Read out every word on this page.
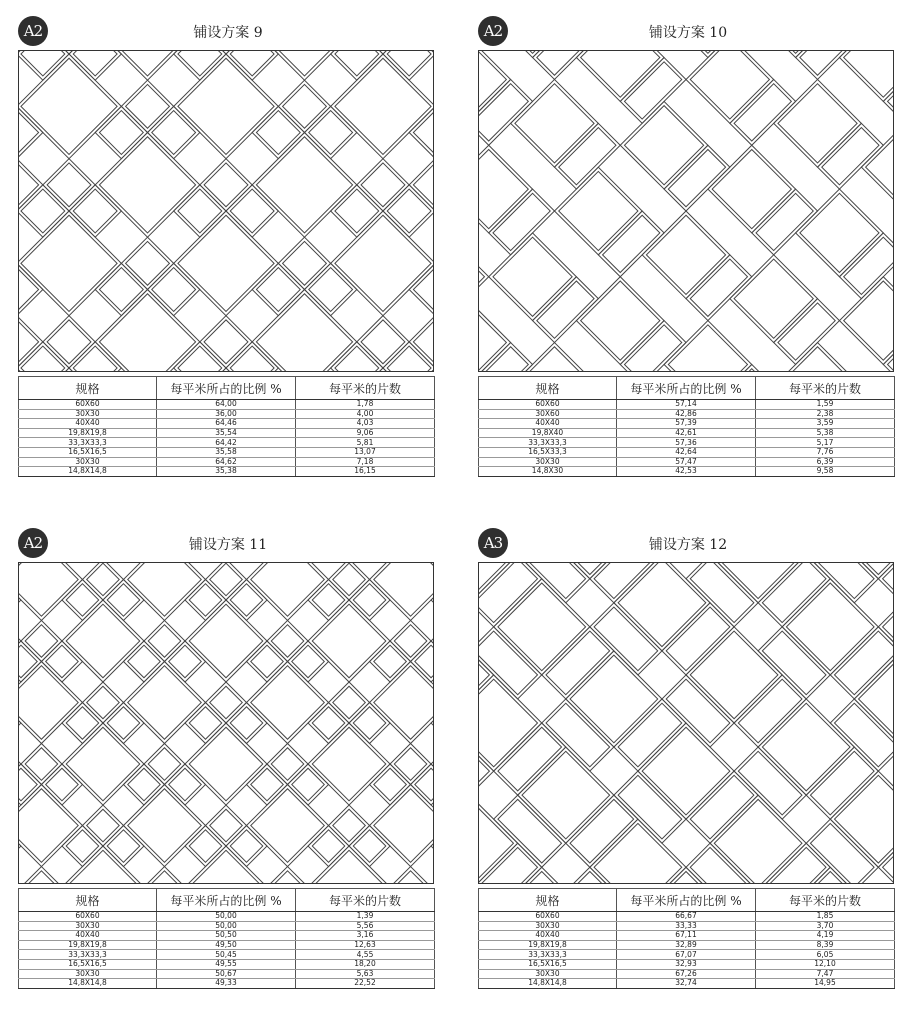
A2	铺设方案 9
规格	每平米所占的比例 %	每平米的片数
60X60	64,00	1,78
30X30	36,00	4,00
40X40	64,46	4,03
19,8X19,8	35,54	9,06
33,3X33,3	64,42	5,81
16,5X16,5	35,58	13,07
30X30	64,62	7,18
14,8X14,8	35,38	16,15
A2	铺设方案 10
规格	每平米所占的比例 %	每平米的片数
60X60	57,14	1,59
30X60	42,86	2,38
40X40	57,39	3,59
19,8X40	42,61	5,38
33,3X33,3	57,36	5,17
16,5X33,3	42,64	7,76
30X30	57,47	6,39
14,8X30	42,53	9,58
A2	铺设方案 11
规格	每平米所占的比例 %	每平米的片数
60X60	50,00	1,39
30X30	50,00	5,56
40X40	50,50	3,16
19,8X19,8	49,50	12,63
33,3X33,3	50,45	4,55
16,5X16,5	49,55	18,20
30X30	50,67	5,63
14,8X14,8	49,33	22,52
A3	铺设方案 12
规格	每平米所占的比例 %	每平米的片数
60X60	66,67	1,85
30X30	33,33	3,70
40X40	67,11	4,19
19,8X19,8	32,89	8,39
33,3X33,3	67,07	6,05
16,5X16,5	32,93	12,10
30X30	67,26	7,47
14,8X14,8	32,74	14,95
